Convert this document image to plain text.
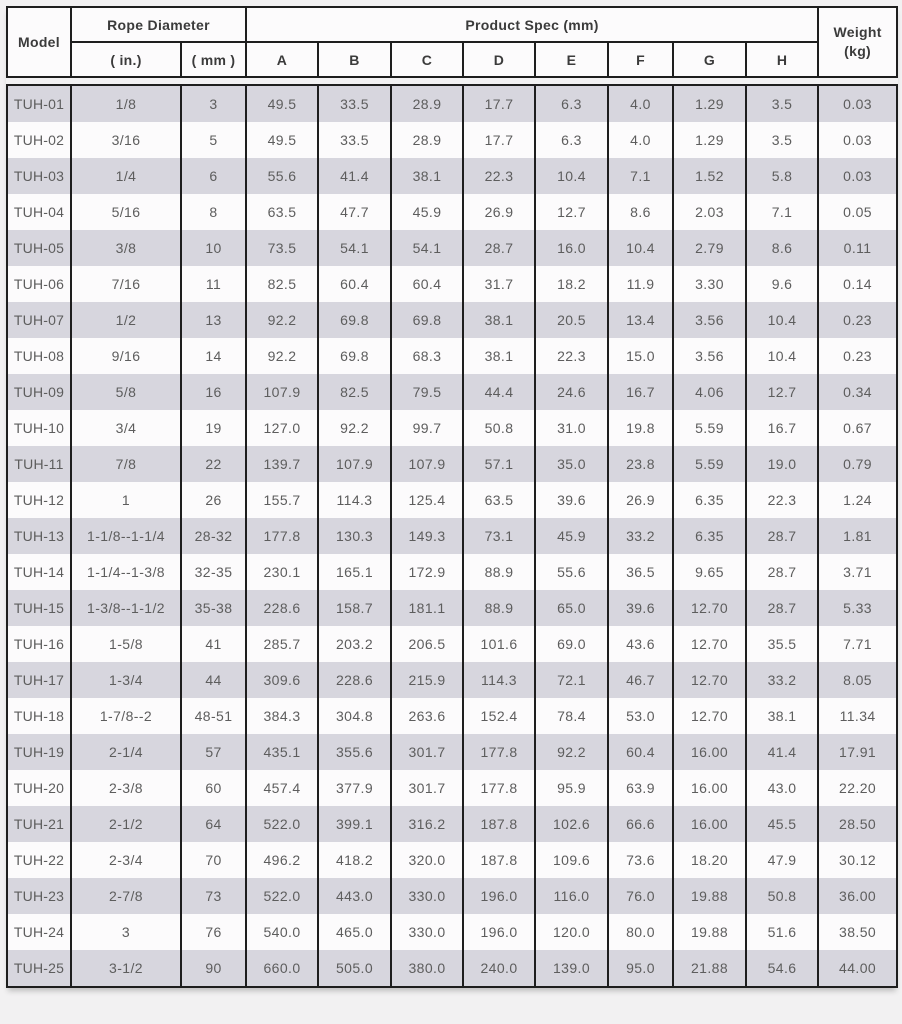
Model	Rope Diameter		Product Spec (mm)								Weight
(kg)
	( in.)	( mm )	A	B	C	D	E	F	G	H	

TUH-01	1/8	3	49.5	33.5	28.9	17.7	6.3	4.0	1.29	3.5	0.03
TUH-02	3/16	5	49.5	33.5	28.9	17.7	6.3	4.0	1.29	3.5	0.03
TUH-03	1/4	6	55.6	41.4	38.1	22.3	10.4	7.1	1.52	5.8	0.03
TUH-04	5/16	8	63.5	47.7	45.9	26.9	12.7	8.6	2.03	7.1	0.05
TUH-05	3/8	10	73.5	54.1	54.1	28.7	16.0	10.4	2.79	8.6	0.11
TUH-06	7/16	11	82.5	60.4	60.4	31.7	18.2	11.9	3.30	9.6	0.14
TUH-07	1/2	13	92.2	69.8	69.8	38.1	20.5	13.4	3.56	10.4	0.23
TUH-08	9/16	14	92.2	69.8	68.3	38.1	22.3	15.0	3.56	10.4	0.23
TUH-09	5/8	16	107.9	82.5	79.5	44.4	24.6	16.7	4.06	12.7	0.34
TUH-10	3/4	19	127.0	92.2	99.7	50.8	31.0	19.8	5.59	16.7	0.67
TUH-11	7/8	22	139.7	107.9	107.9	57.1	35.0	23.8	5.59	19.0	0.79
TUH-12	1	26	155.7	114.3	125.4	63.5	39.6	26.9	6.35	22.3	1.24
TUH-13	1-1/8--1-1/4	28-32	177.8	130.3	149.3	73.1	45.9	33.2	6.35	28.7	1.81
TUH-14	1-1/4--1-3/8	32-35	230.1	165.1	172.9	88.9	55.6	36.5	9.65	28.7	3.71
TUH-15	1-3/8--1-1/2	35-38	228.6	158.7	181.1	88.9	65.0	39.6	12.70	28.7	5.33
TUH-16	1-5/8	41	285.7	203.2	206.5	101.6	69.0	43.6	12.70	35.5	7.71
TUH-17	1-3/4	44	309.6	228.6	215.9	114.3	72.1	46.7	12.70	33.2	8.05
TUH-18	1-7/8--2	48-51	384.3	304.8	263.6	152.4	78.4	53.0	12.70	38.1	11.34
TUH-19	2-1/4	57	435.1	355.6	301.7	177.8	92.2	60.4	16.00	41.4	17.91
TUH-20	2-3/8	60	457.4	377.9	301.7	177.8	95.9	63.9	16.00	43.0	22.20
TUH-21	2-1/2	64	522.0	399.1	316.2	187.8	102.6	66.6	16.00	45.5	28.50
TUH-22	2-3/4	70	496.2	418.2	320.0	187.8	109.6	73.6	18.20	47.9	30.12
TUH-23	2-7/8	73	522.0	443.0	330.0	196.0	116.0	76.0	19.88	50.8	36.00
TUH-24	3	76	540.0	465.0	330.0	196.0	120.0	80.0	19.88	51.6	38.50
TUH-25	3-1/2	90	660.0	505.0	380.0	240.0	139.0	95.0	21.88	54.6	44.00
